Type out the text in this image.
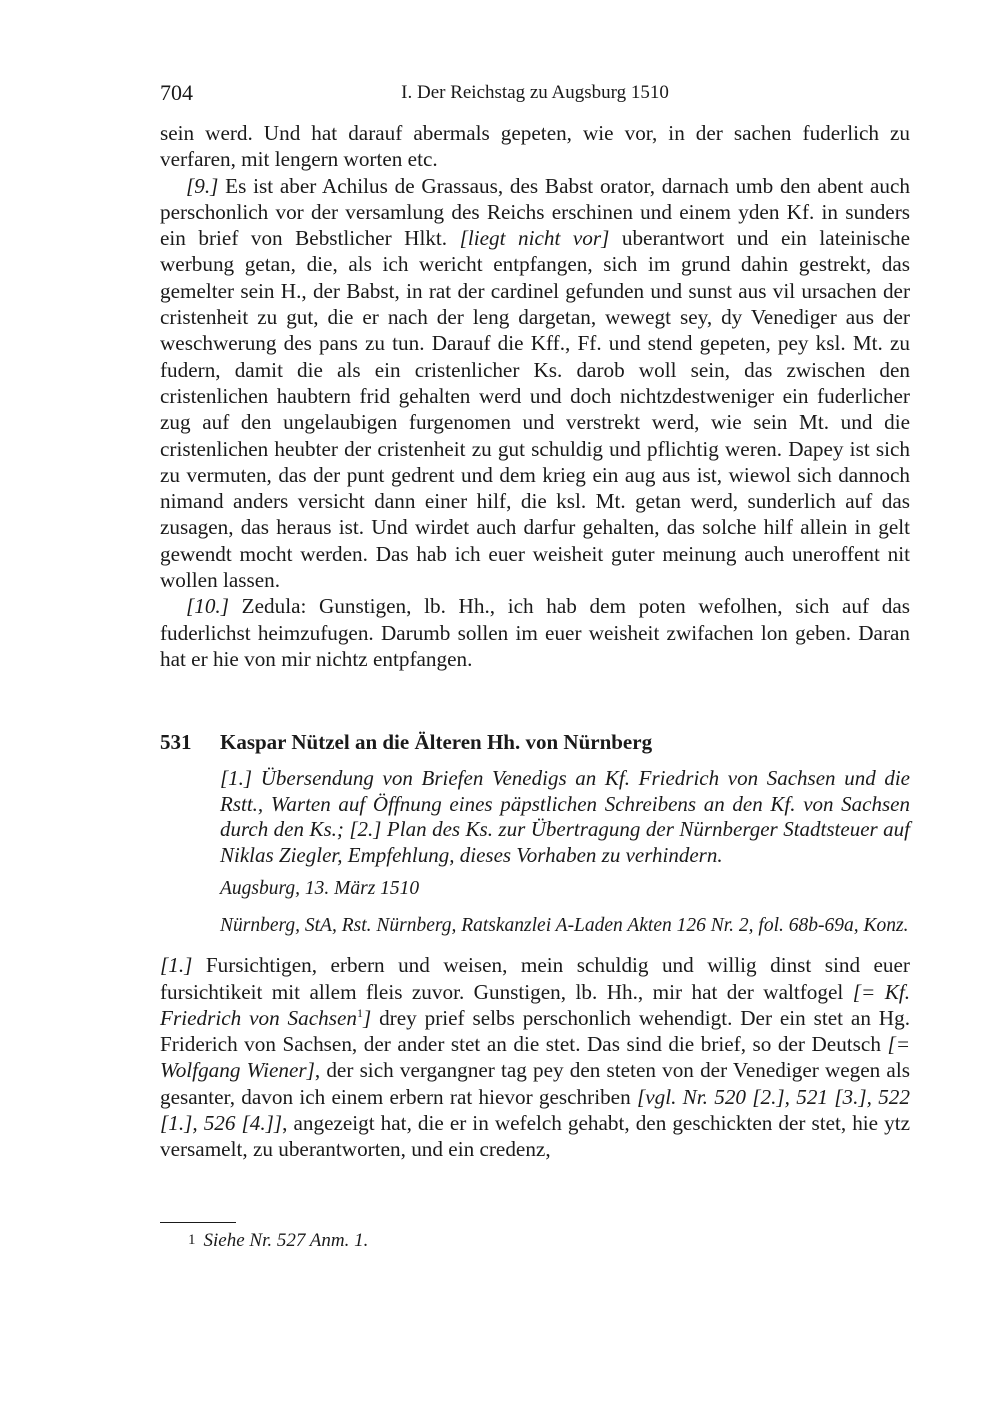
704	I. Der Reichstag zu Augsburg 1510

sein werd. Und hat darauf abermals gepeten, wie vor, in der sachen fuderlich zu verfaren, mit lengern worten etc.

[9.] Es ist aber Achilus de Grassaus, des Babst orator, darnach umb den abent auch perschonlich vor der versamlung des Reichs erschinen und einem yden Kf. in sunders ein brief von Bebstlicher Hlkt. [liegt nicht vor] uberantwort und ein lateinische werbung getan, die, als ich wericht entpfangen, sich im grund dahin gestrekt, das gemelter sein H., der Babst, in rat der cardinel gefunden und sunst aus vil ursachen der cristenheit zu gut, die er nach der leng dargetan, wewegt sey, dy Venediger aus der weschwerung des pans zu tun. Darauf die Kff., Ff. und stend gepeten, pey ksl. Mt. zu fudern, damit die als ein cristenlicher Ks. darob woll sein, das zwischen den cristenlichen haubtern frid gehalten werd und doch nichtzdestweniger ein fuderlicher zug auf den ungelaubigen furgenomen und verstrekt werd, wie sein Mt. und die cristenlichen heubter der cristenheit zu gut schuldig und pflichtig weren. Dapey ist sich zu vermuten, das der punt gedrent und dem krieg ein aug aus ist, wiewol sich dannoch nimand anders versicht dann einer hilf, die ksl. Mt. getan werd, sunderlich auf das zusagen, das heraus ist. Und wirdet auch darfur gehalten, das solche hilf allein in gelt gewendt mocht werden. Das hab ich euer weisheit guter meinung auch uneroffent nit wollen lassen.

[10.] Zedula: Gunstigen, lb. Hh., ich hab dem poten wefolhen, sich auf das fuderlichst heimzufugen. Darumb sollen im euer weisheit zwifachen lon geben. Daran hat er hie von mir nichtz entpfangen.

531	Kaspar Nützel an die Älteren Hh. von Nürnberg
[1.] Übersendung von Briefen Venedigs an Kf. Friedrich von Sachsen und die Rstt., Warten auf Öffnung eines päpstlichen Schreibens an den Kf. von Sachsen durch den Ks.; [2.] Plan des Ks. zur Übertragung der Nürnberger Stadtsteuer auf Niklas Ziegler, Empfehlung, dieses Vorhaben zu verhindern.
Augsburg, 13. März 1510
Nürnberg, StA, Rst. Nürnberg, Ratskanzlei A-Laden Akten 126 Nr. 2, fol. 68b-69a, Konz.

[1.] Fursichtigen, erbern und weisen, mein schuldig und willig dinst sind euer fursichtikeit mit allem fleis zuvor. Gunstigen, lb. Hh., mir hat der waltfogel [= Kf. Friedrich von Sachsen$^1$] drey prief selbs perschonlich wehendigt. Der ein stet an Hg. Friderich von Sachsen, der ander stet an die stet. Das sind die brief, so der Deutsch [= Wolfgang Wiener], der sich vergangner tag pey den steten von der Venediger wegen als gesanter, davon ich einem erbern rat hievor geschriben [vgl. Nr. 520 [2.], 521 [3.], 522 [1.], 526 [4.]], angezeigt hat, die er in wefelch gehabt, den geschickten der stet, hie ytz versamelt, zu uberantworten, und ein credenz,

1 Siehe Nr. 527 Anm. 1.
